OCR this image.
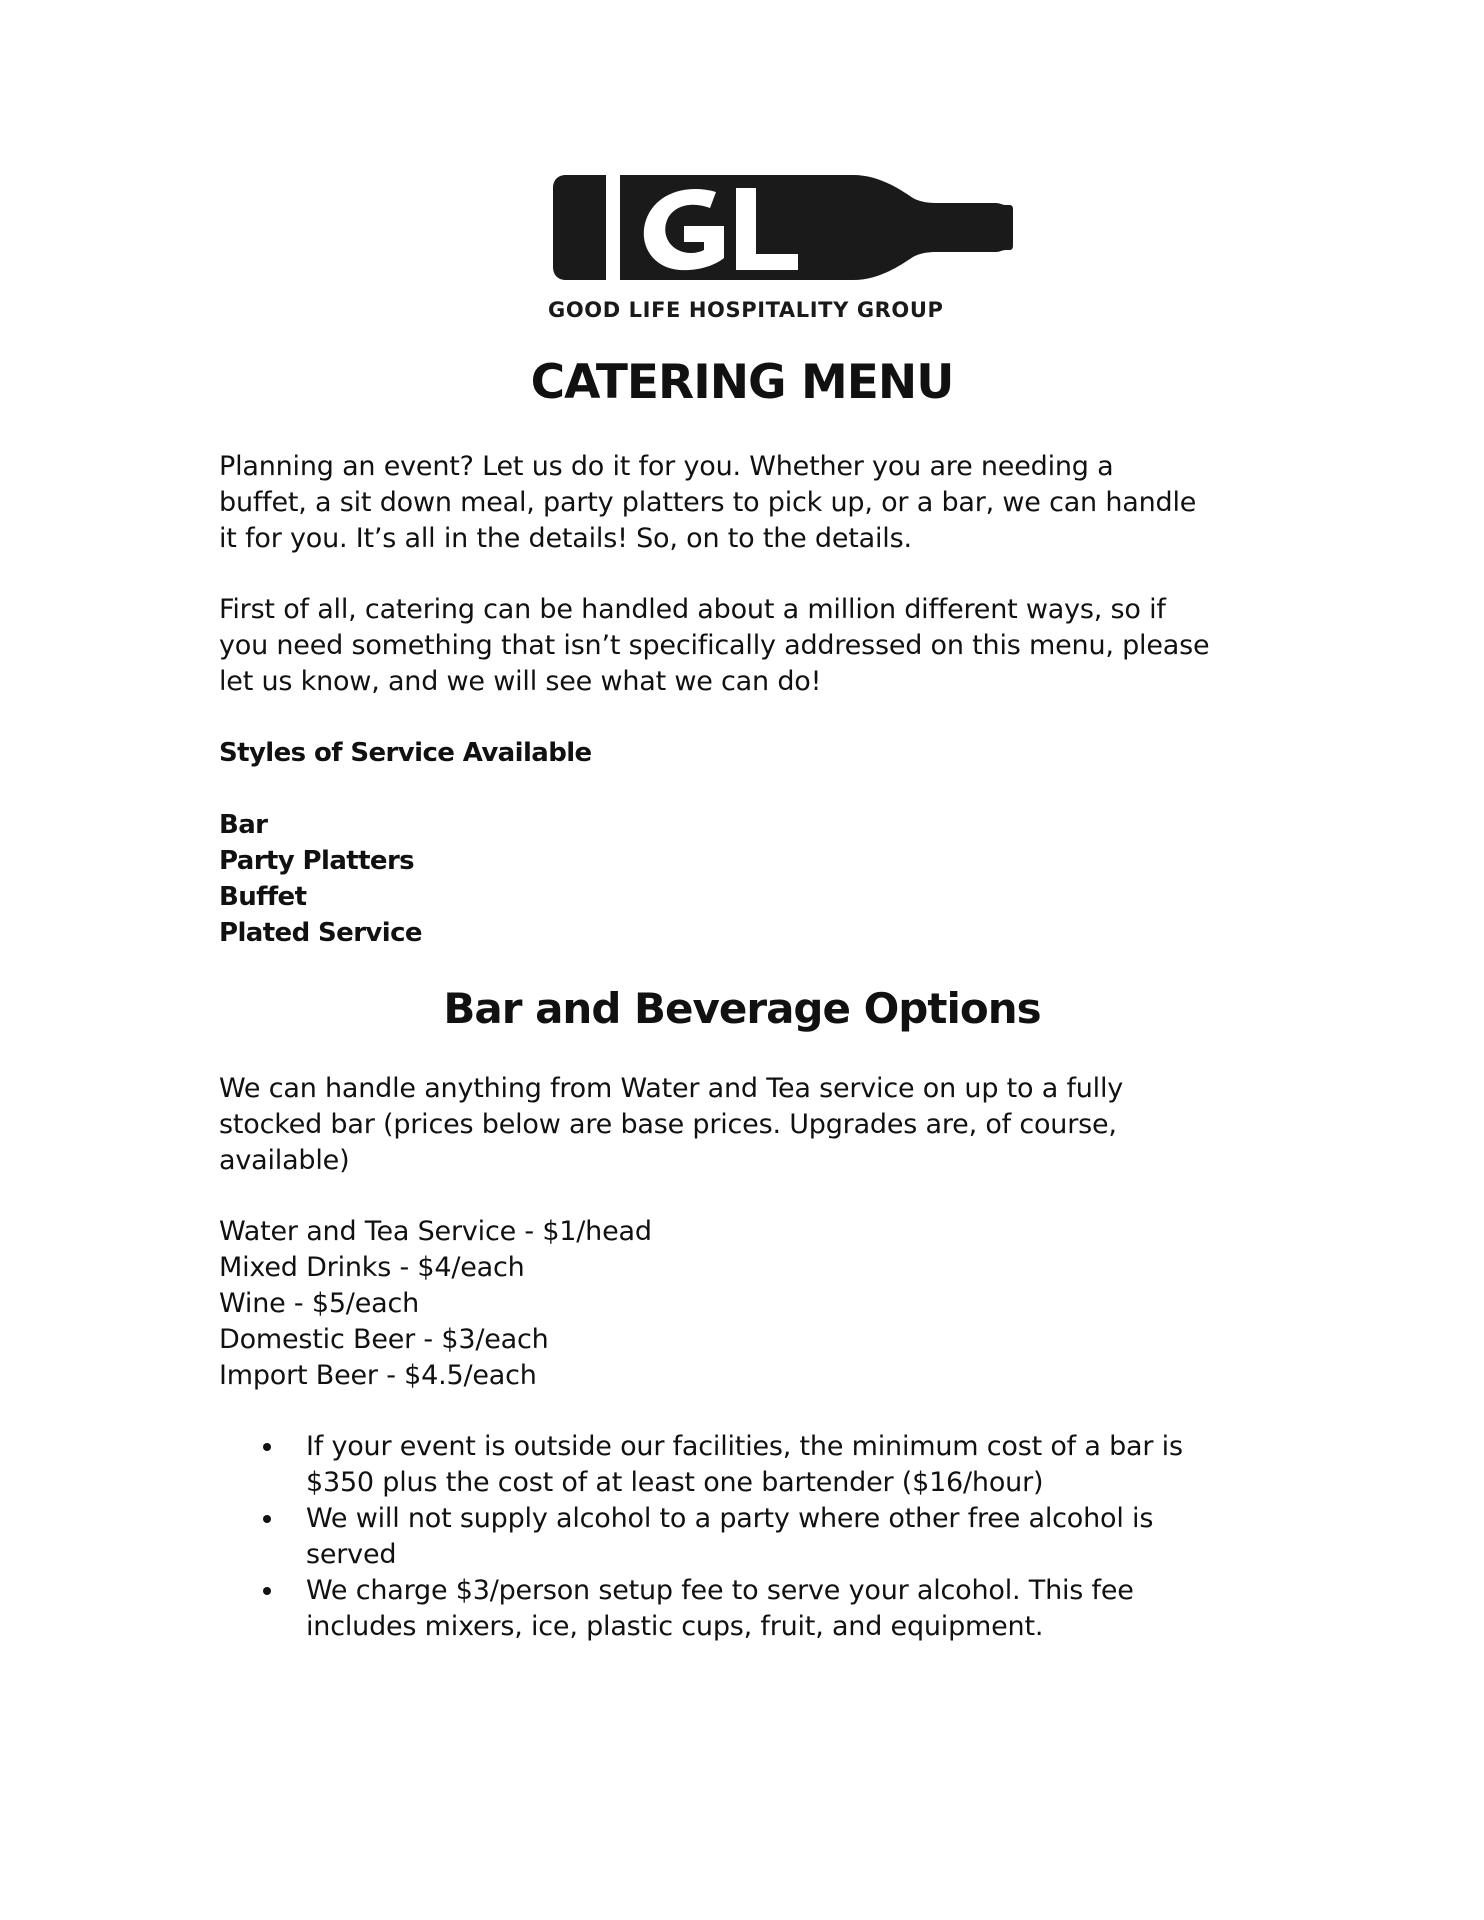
GOOD LIFE HOSPITALITY GROUP
CATERING MENU

Planning an event? Let us do it for you. Whether you are needing a

buffet, a sit down meal, party platters to pick up, or a bar, we can handle

it for you. It’s all in the details! So, on to the details.

First of all, catering can be handled about a million different ways, so if

you need something that isn’t specifically addressed on this menu, please

let us know, and we will see what we can do!

Styles of Service Available

Bar

Party Platters

Buffet

Plated Service

Bar and Beverage Options

We can handle anything from Water and Tea service on up to a fully

stocked bar (prices below are base prices. Upgrades are, of course,

available)

Water and Tea Service - $1/head

Mixed Drinks - $4/each

Wine - $5/each

Domestic Beer - $3/each

Import Beer - $4.5/each

If your event is outside our facilities, the minimum cost of a bar is
$350 plus the cost of at least one bartender ($16/hour)
We will not supply alcohol to a party where other free alcohol is
served
We charge $3/person setup fee to serve your alcohol. This fee
includes mixers, ice, plastic cups, fruit, and equipment.
